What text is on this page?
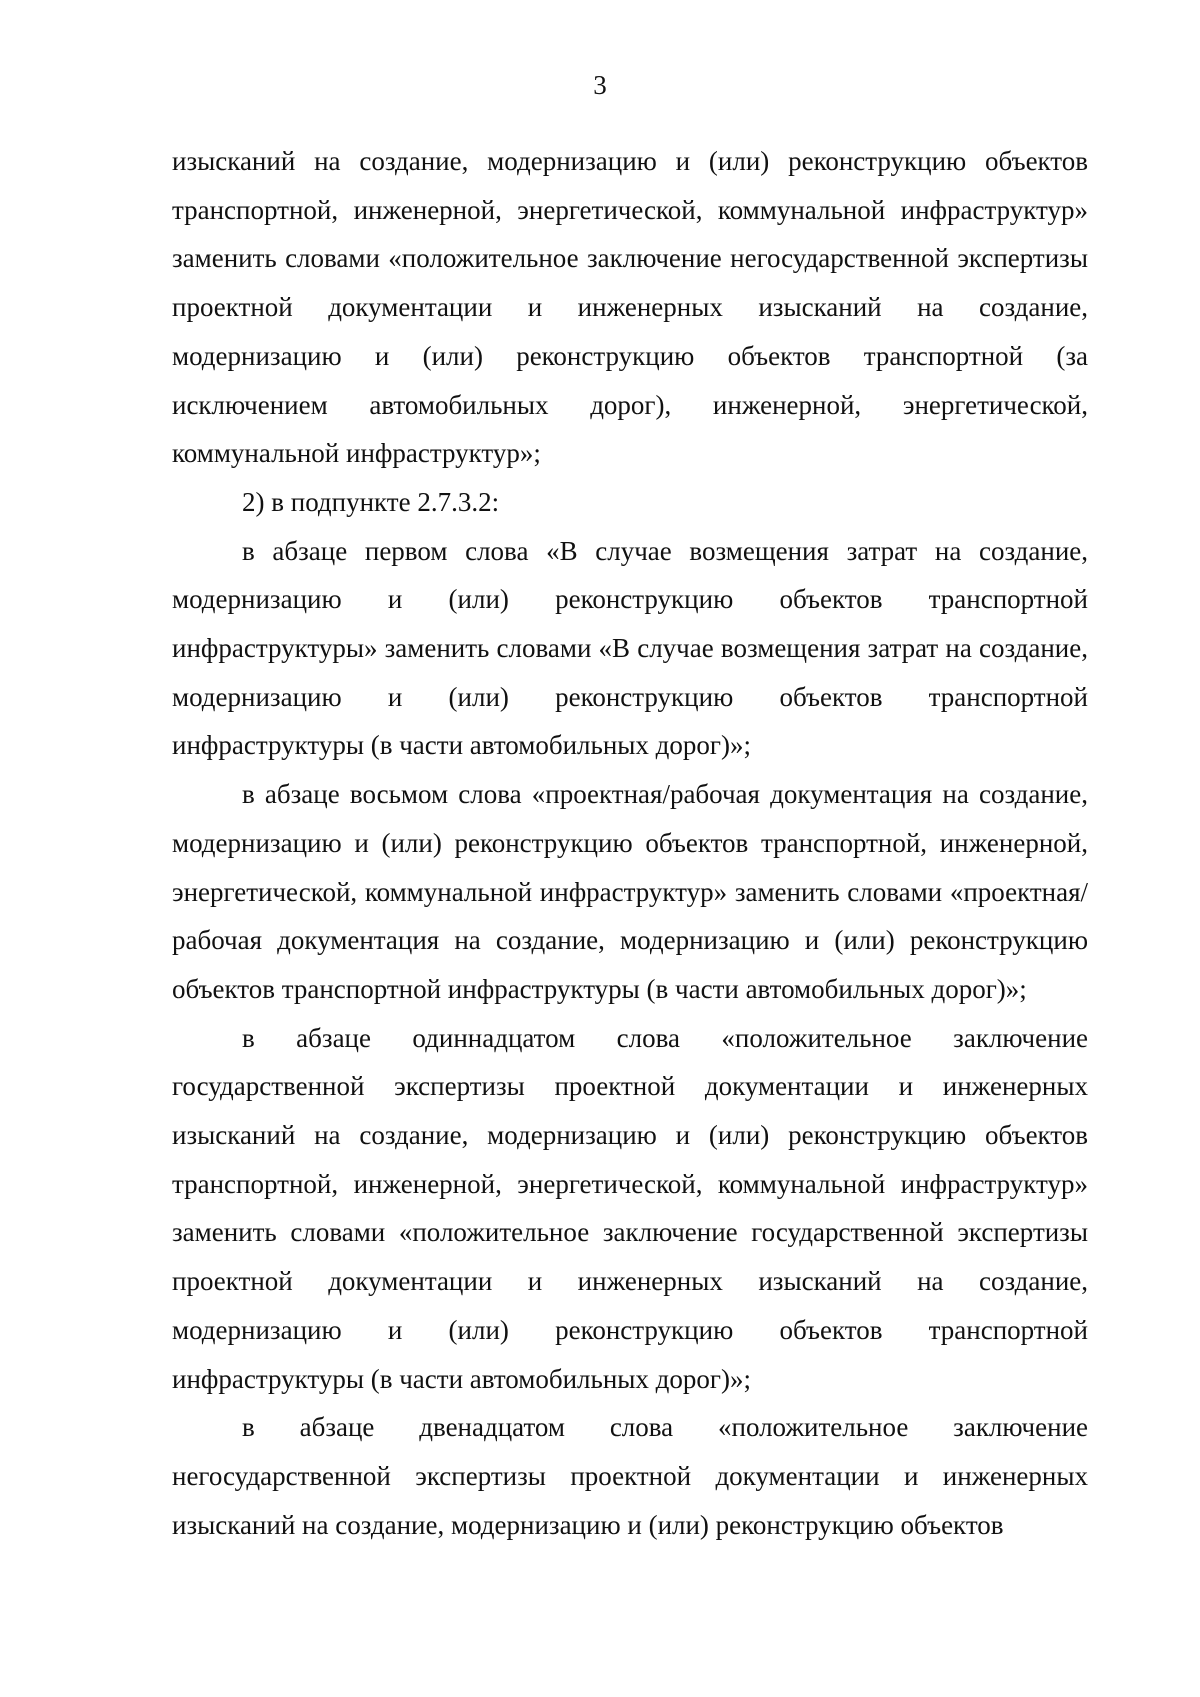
3

изысканий на создание, модернизацию и (или) реконструкцию объектов транспортной, инженерной, энергетической, коммунальной инфраструктур» заменить словами «положительное заключение негосударственной экспертизы проектной документации и инженерных изысканий на создание, модернизацию и (или) реконструкцию объектов транспортной (за исключением автомобильных дорог), инженерной, энергетической, коммунальной инфраструктур»;

2) в подпункте 2.7.3.2:

в абзаце первом слова «В случае возмещения затрат на создание, модернизацию и (или) реконструкцию объектов транспортной инфраструктуры» заменить словами «В случае возмещения затрат на создание, модернизацию и (или) реконструкцию объектов транспортной инфраструктуры (в части автомобильных дорог)»;

в абзаце восьмом слова «проектная/рабочая документация на создание, модернизацию и (или) реконструкцию объектов транспортной, инженерной, энергетической, коммунальной инфраструктур» заменить словами «проектная/рабочая документация на создание, модернизацию и (или) реконструкцию объектов транспортной инфраструктуры (в части автомобильных дорог)»;

в абзаце одиннадцатом слова «положительное заключение государственной экспертизы проектной документации и инженерных изысканий на создание, модернизацию и (или) реконструкцию объектов транспортной, инженерной, энергетической, коммунальной инфраструктур» заменить словами «положительное заключение государственной экспертизы проектной документации и инженерных изысканий на создание, модернизацию и (или) реконструкцию объектов транспортной инфраструктуры (в части автомобильных дорог)»;

в абзаце двенадцатом слова «положительное заключение негосударственной экспертизы проектной документации и инженерных изысканий на создание, модернизацию и (или) реконструкцию объектов
